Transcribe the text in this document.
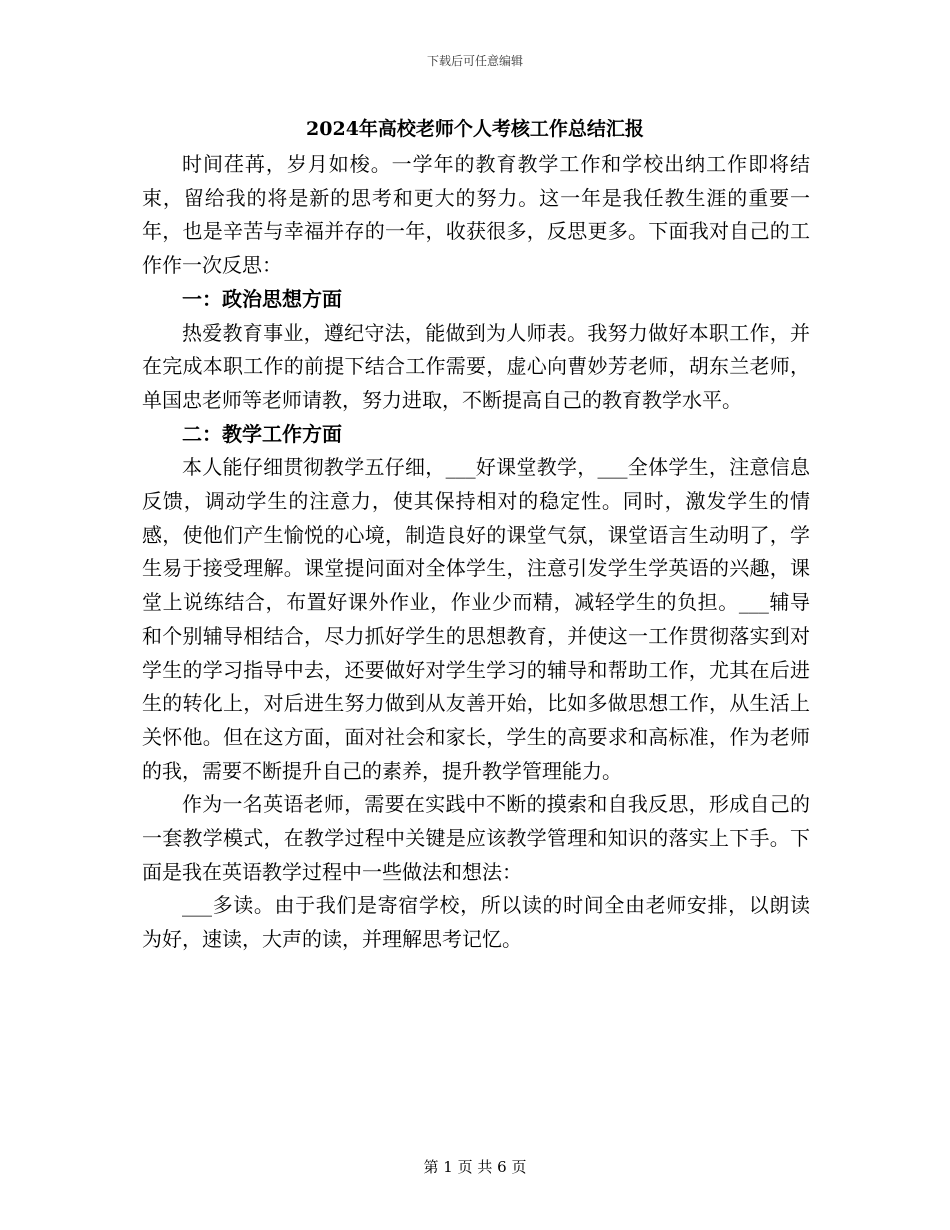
下载后可任意编辑
2024年高校老师个人考核工作总结汇报

时间荏苒，岁月如梭。一学年的教育教学工作和学校出纳工作即将结束，留给我的将是新的思考和更大的努力。这一年是我任教生涯的重要一年，也是辛苦与幸福并存的一年，收获很多，反思更多。下面我对自己的工作作一次反思：

一：政治思想方面

热爱教育事业，遵纪守法，能做到为人师表。我努力做好本职工作，并在完成本职工作的前提下结合工作需要，虚心向曹妙芳老师，胡东兰老师，单国忠老师等老师请教，努力进取，不断提高自己的教育教学水平。

二：教学工作方面

本人能仔细贯彻教学五仔细，___好课堂教学，___全体学生，注意信息反馈，调动学生的注意力，使其保持相对的稳定性。同时，激发学生的情感，使他们产生愉悦的心境，制造良好的课堂气氛，课堂语言生动明了，学生易于接受理解。课堂提问面对全体学生，注意引发学生学英语的兴趣，课堂上说练结合，布置好课外作业，作业少而精，减轻学生的负担。___辅导和个别辅导相结合，尽力抓好学生的思想教育，并使这一工作贯彻落实到对学生的学习指导中去，还要做好对学生学习的辅导和帮助工作，尤其在后进生的转化上，对后进生努力做到从友善开始，比如多做思想工作，从生活上关怀他。但在这方面，面对社会和家长，学生的高要求和高标准，作为老师的我，需要不断提升自己的素养，提升教学管理能力。

作为一名英语老师，需要在实践中不断的摸索和自我反思，形成自己的一套教学模式，在教学过程中关键是应该教学管理和知识的落实上下手。下面是我在英语教学过程中一些做法和想法：

___多读。由于我们是寄宿学校，所以读的时间全由老师安排，以朗读为好，速读，大声的读，并理解思考记忆。

第 1 页 共 6 页
